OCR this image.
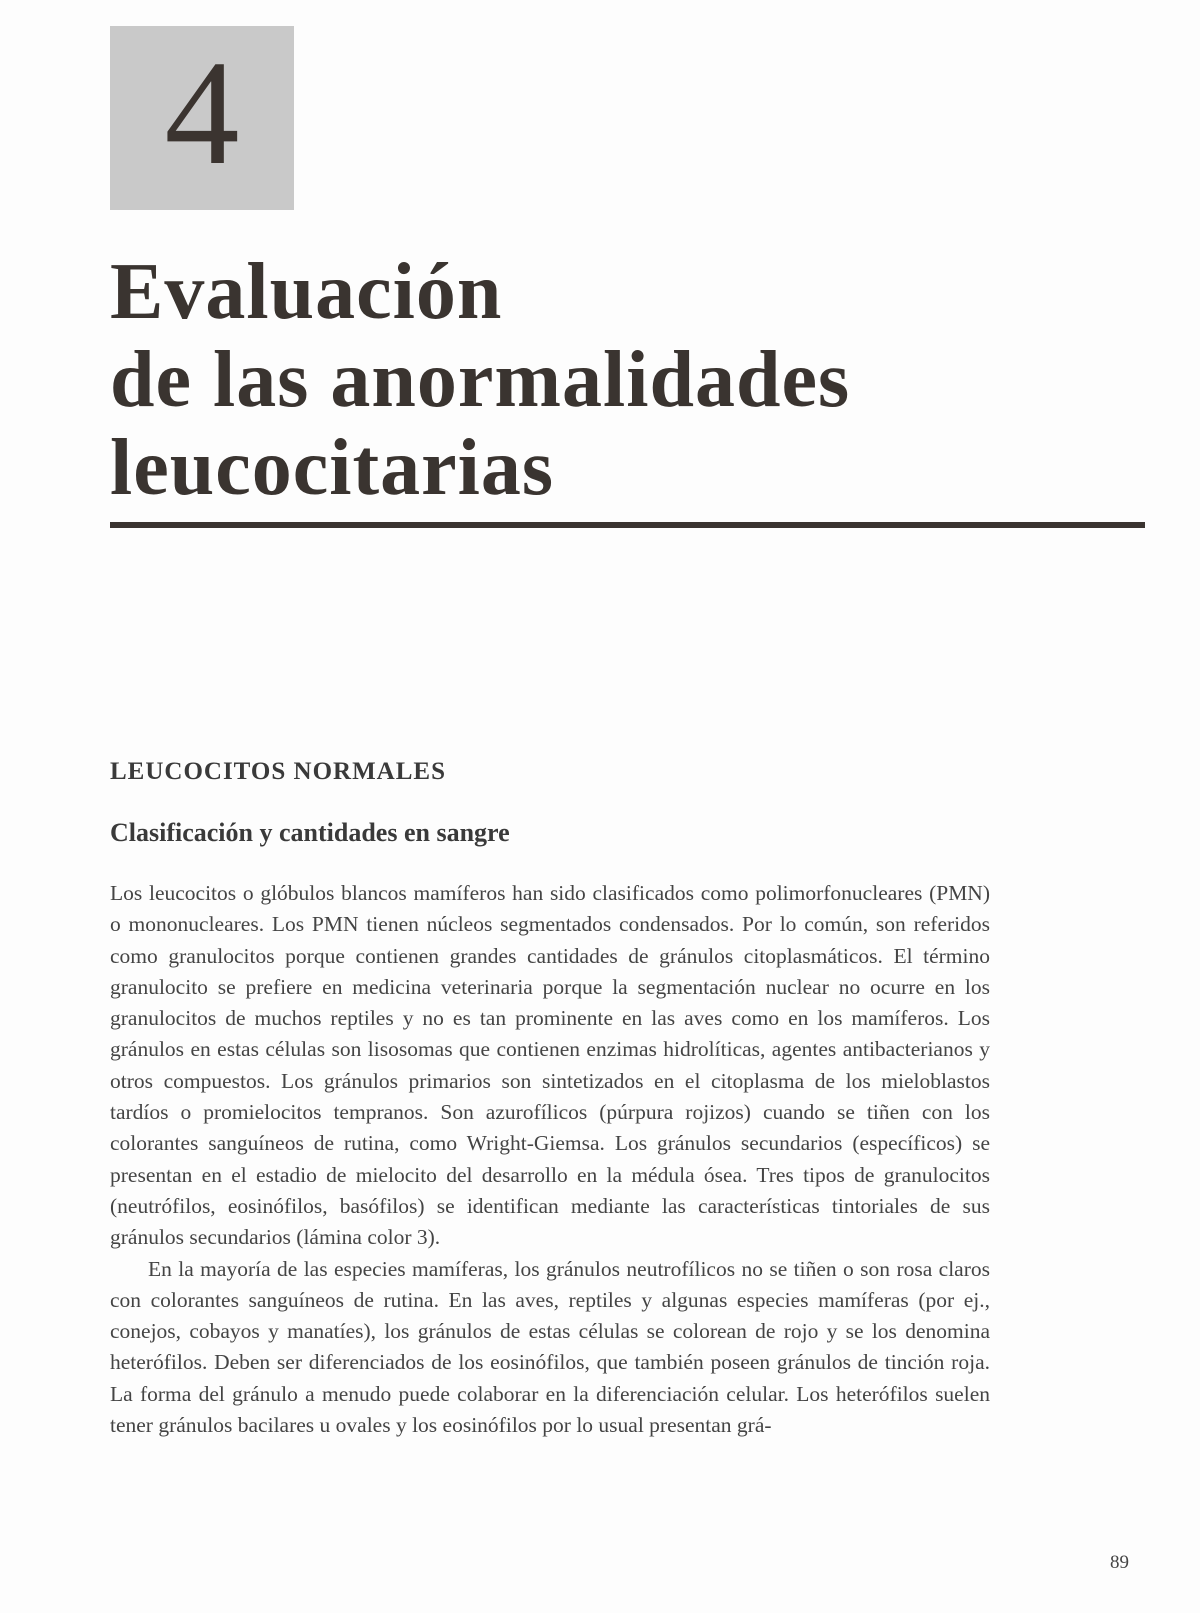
4
Evaluación
de las anormalidades
leucocitarias
LEUCOCITOS NORMALES
Clasificación y cantidades en sangre

Los leucocitos o glóbulos blancos mamíferos han sido clasificados como polimorfonucleares (PMN) o mononucleares. Los PMN tienen núcleos segmentados condensados. Por lo común, son referidos como granulocitos porque contienen grandes cantidades de gránulos citoplasmáticos. El término granulocito se prefiere en medicina veterinaria porque la segmentación nuclear no ocurre en los granulocitos de muchos reptiles y no es tan prominente en las aves como en los mamíferos. Los gránulos en estas células son lisosomas que contienen enzimas hidrolíticas, agentes antibacterianos y otros compuestos. Los gránulos primarios son sintetizados en el citoplasma de los mieloblastos tardíos o promielocitos tempranos. Son azurofílicos (púrpura rojizos) cuando se tiñen con los colorantes sanguíneos de rutina, como Wright-Giemsa. Los gránulos secundarios (específicos) se presentan en el estadio de mielocito del desarrollo en la médula ósea. Tres tipos de granulocitos (neutrófilos, eosinófilos, basófilos) se identifican mediante las características tintoriales de sus gránulos secundarios (lámina color 3).

En la mayoría de las especies mamíferas, los gránulos neutrofílicos no se tiñen o son rosa claros con colorantes sanguíneos de rutina. En las aves, reptiles y algunas especies mamíferas (por ej., conejos, cobayos y manatíes), los gránulos de estas células se colorean de rojo y se los denomina heterófilos. Deben ser diferenciados de los eosinófilos, que también poseen gránulos de tinción roja. La forma del gránulo a menudo puede colaborar en la diferenciación celular. Los heterófilos suelen tener gránulos bacilares u ovales y los eosinófilos por lo usual presentan grá-

89
